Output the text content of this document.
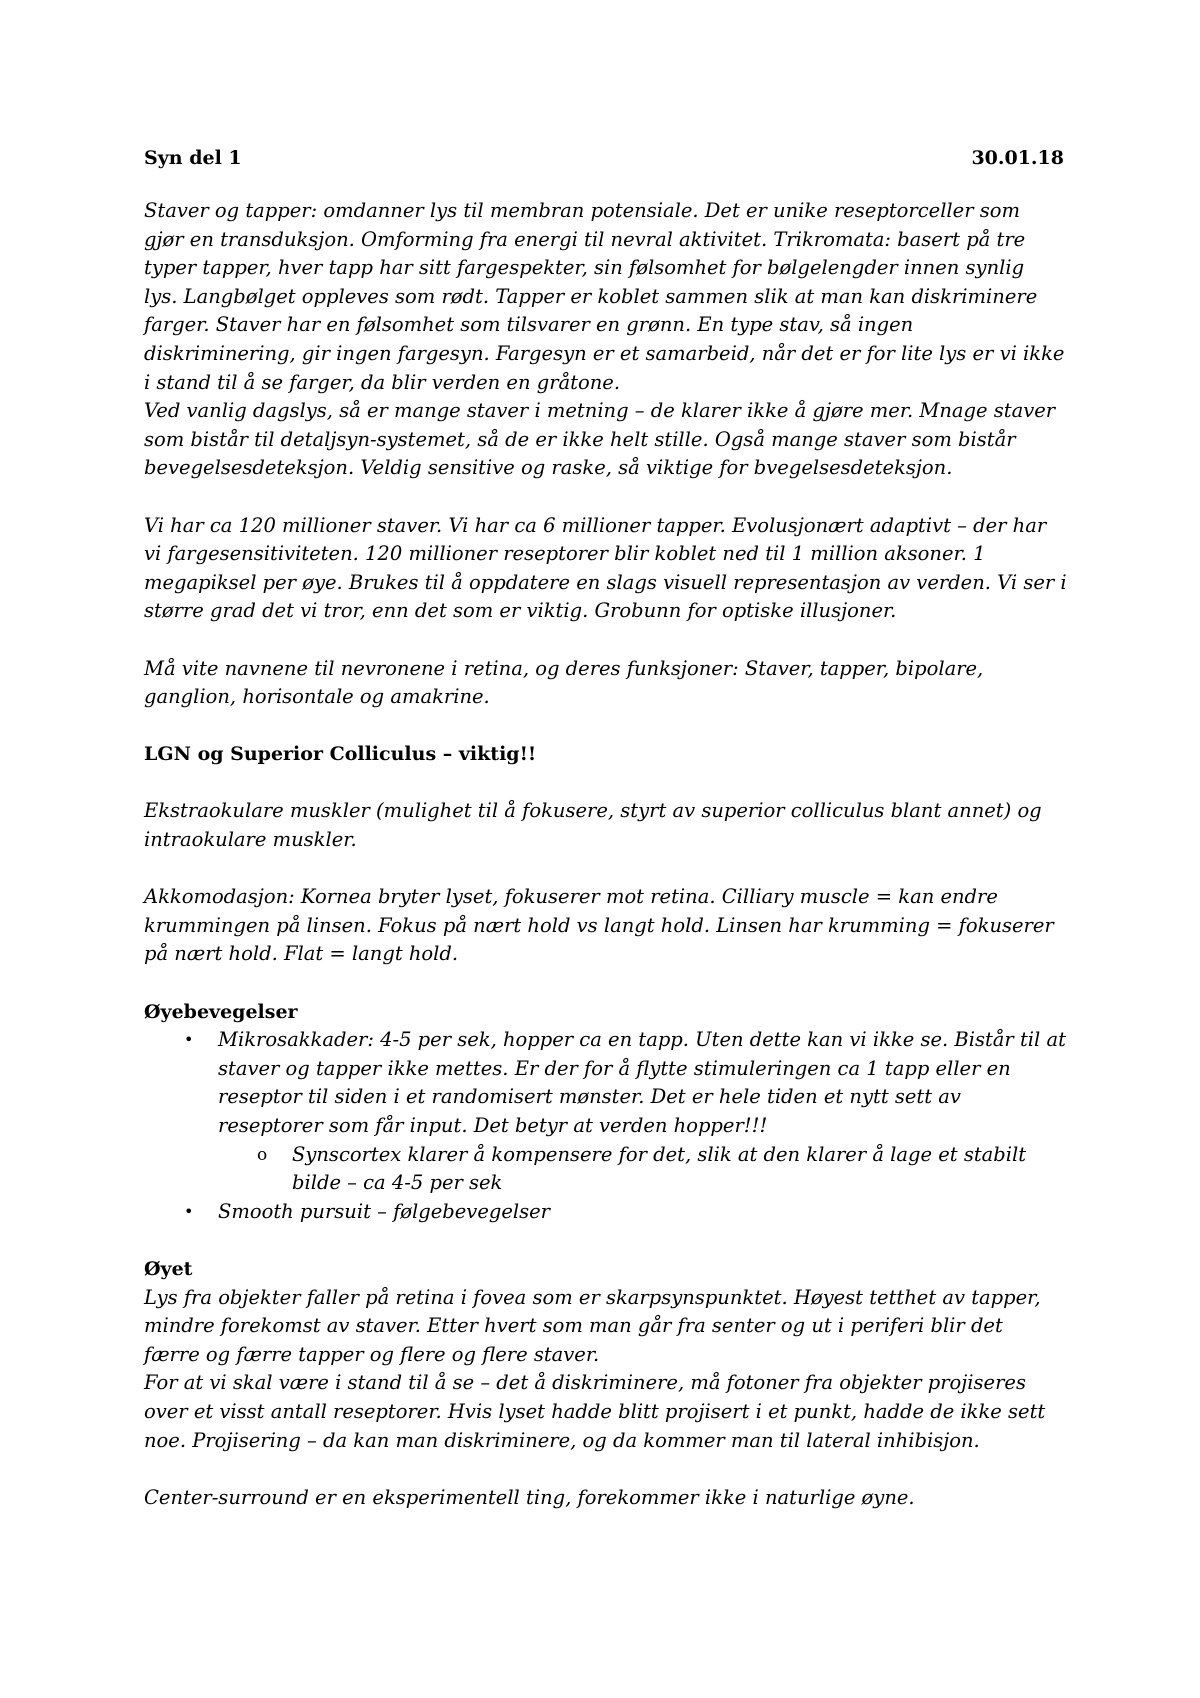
Syn del 1	30.01.18
Staver og tapper: omdanner lys til membran potensiale. Det er unike reseptorceller som
gjør en transduksjon. Omforming fra energi til nevral aktivitet. Trikromata: basert på tre
typer tapper, hver tapp har sitt fargespekter, sin følsomhet for bølgelengder innen synlig
lys. Langbølget oppleves som rødt. Tapper er koblet sammen slik at man kan diskriminere
farger. Staver har en følsomhet som tilsvarer en grønn. En type stav, så ingen
diskriminering, gir ingen fargesyn. Fargesyn er et samarbeid, når det er for lite lys er vi ikke
i stand til å se farger, da blir verden en gråtone.
Ved vanlig dagslys, så er mange staver i metning – de klarer ikke å gjøre mer. Mnage staver
som bistår til detaljsyn-systemet, så de er ikke helt stille. Også mange staver som bistår
bevegelsesdeteksjon. Veldig sensitive og raske, så viktige for bvegelsesdeteksjon.
Vi har ca 120 millioner staver. Vi har ca 6 millioner tapper. Evolusjonært adaptivt – der har
vi fargesensitiviteten. 120 millioner reseptorer blir koblet ned til 1 million aksoner. 1
megapiksel per øye. Brukes til å oppdatere en slags visuell representasjon av verden. Vi ser i
større grad det vi tror, enn det som er viktig. Grobunn for optiske illusjoner.
Må vite navnene til nevronene i retina, og deres funksjoner: Staver, tapper, bipolare,
ganglion, horisontale og amakrine.
LGN og Superior Colliculus – viktig!!
Ekstraokulare muskler (mulighet til å fokusere, styrt av superior colliculus blant annet) og
intraokulare muskler.
Akkomodasjon: Kornea bryter lyset, fokuserer mot retina. Cilliary muscle = kan endre
krummingen på linsen. Fokus på nært hold vs langt hold. Linsen har krumming = fokuserer
på nært hold. Flat = langt hold.
Øyebevegelser
• Mikrosakkader: 4-5 per sek, hopper ca en tapp. Uten dette kan vi ikke se. Bistår til at
staver og tapper ikke mettes. Er der for å flytte stimuleringen ca 1 tapp eller en
reseptor til siden i et randomisert mønster. Det er hele tiden et nytt sett av
reseptorer som får input. Det betyr at verden hopper!!!
o Synscortex klarer å kompensere for det, slik at den klarer å lage et stabilt
bilde – ca 4-5 per sek
• Smooth pursuit – følgebevegelser
Øyet
Lys fra objekter faller på retina i fovea som er skarpsynspunktet. Høyest tetthet av tapper,
mindre forekomst av staver. Etter hvert som man går fra senter og ut i periferi blir det
færre og færre tapper og flere og flere staver.
For at vi skal være i stand til å se – det å diskriminere, må fotoner fra objekter projiseres
over et visst antall reseptorer. Hvis lyset hadde blitt projisert i et punkt, hadde de ikke sett
noe. Projisering – da kan man diskriminere, og da kommer man til lateral inhibisjon.
Center-surround er en eksperimentell ting, forekommer ikke i naturlige øyne.
